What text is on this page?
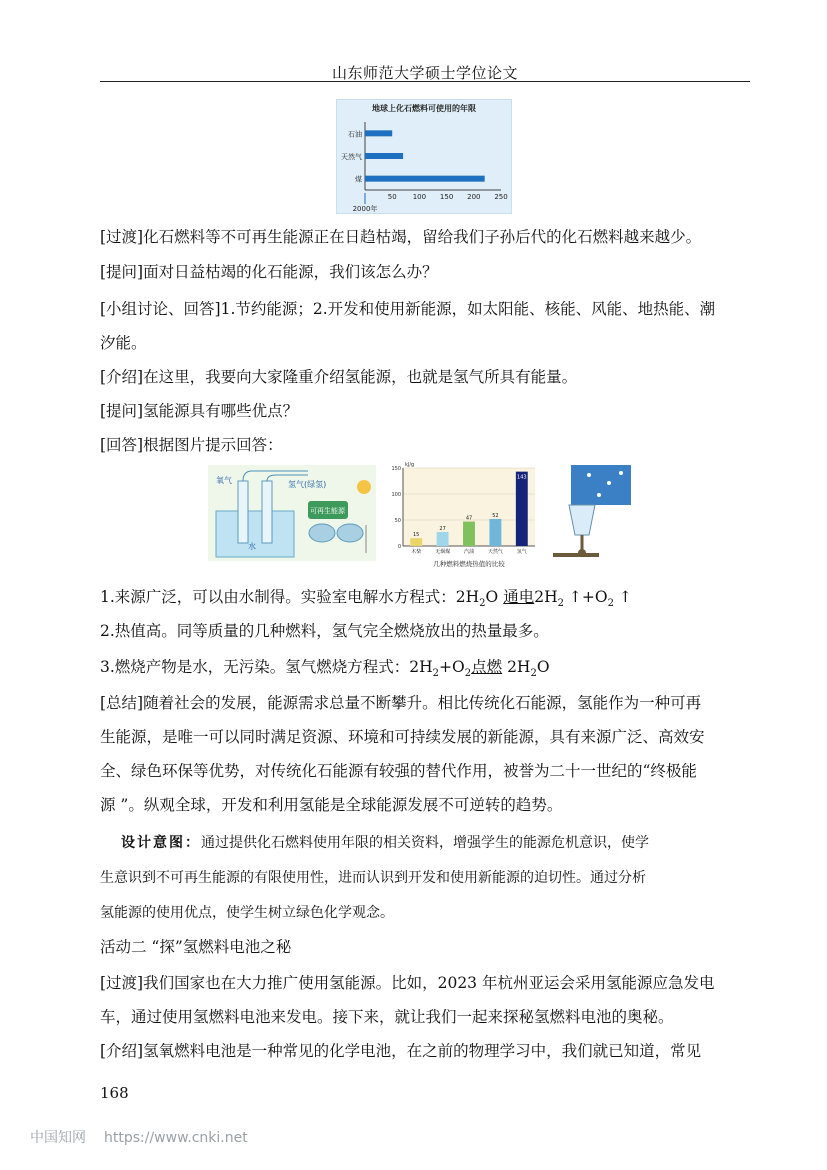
山东师范大学硕士学位论文
地球上化石燃料可使用的年限
石油
天然气
煤
50 100 150 200 250
2000年

[过渡]化石燃料等不可再生能源正在日趋枯竭，留给我们子孙后代的化石燃料越来越少。

[提问]面对日益枯竭的化石能源，我们该怎么办？

[小组讨论、回答]1.节约能源；2.开发和使用新能源，如太阳能、核能、风能、地热能、潮
汐能。

[介绍]在这里，我要向大家隆重介绍氢能源，也就是氢气所具有能量。

[提问]氢能源具有哪些优点？

[回答]根据图片提示回答：

氧气	氢气(绿氢)
可再生能源
水	0
50
100
150
kJ/g
15
木柴
27
无烟煤
47
汽油
52
天然气
143
氢气
几种燃料燃烧热值的比较

1.来源广泛，可以由水制得。实验室电解水方程式：$2H_2O$ 通电$2H_2$ $↑+O_2$ ↑

2.热值高。同等质量的几种燃料，氢气完全燃烧放出的热量最多。

3.燃烧产物是水，无污染。氢气燃烧方程式：$2H_2+O_2$点燃 $2H_2O$

[总结]随着社会的发展，能源需求总量不断攀升。相比传统化石能源，氢能作为一种可再
生能源，是唯一可以同时满足资源、环境和可持续发展的新能源，具有来源广泛、高效安
全、绿色环保等优势，对传统化石能源有较强的替代作用，被誉为二十一世纪的“终极能
源 ”。纵观全球，开发和利用氢能是全球能源发展不可逆转的趋势。

  设计意图：通过提供化石燃料使用年限的相关资料，增强学生的能源危机意识，使学
生意识到不可再生能源的有限使用性，进而认识到开发和使用新能源的迫切性。通过分析
氢能源的使用优点，使学生树立绿色化学观念。

活动二 “探”氢燃料电池之秘

[过渡]我们国家也在大力推广使用氢能源。比如，2023 年杭州亚运会采用氢能源应急发电
车，通过使用氢燃料电池来发电。接下来，就让我们一起来探秘氢燃料电池的奥秘。

[介绍]氢氧燃料电池是一种常见的化学电池，在之前的物理学习中，我们就已知道，常见

168
中国知网 https://www.cnki.net
